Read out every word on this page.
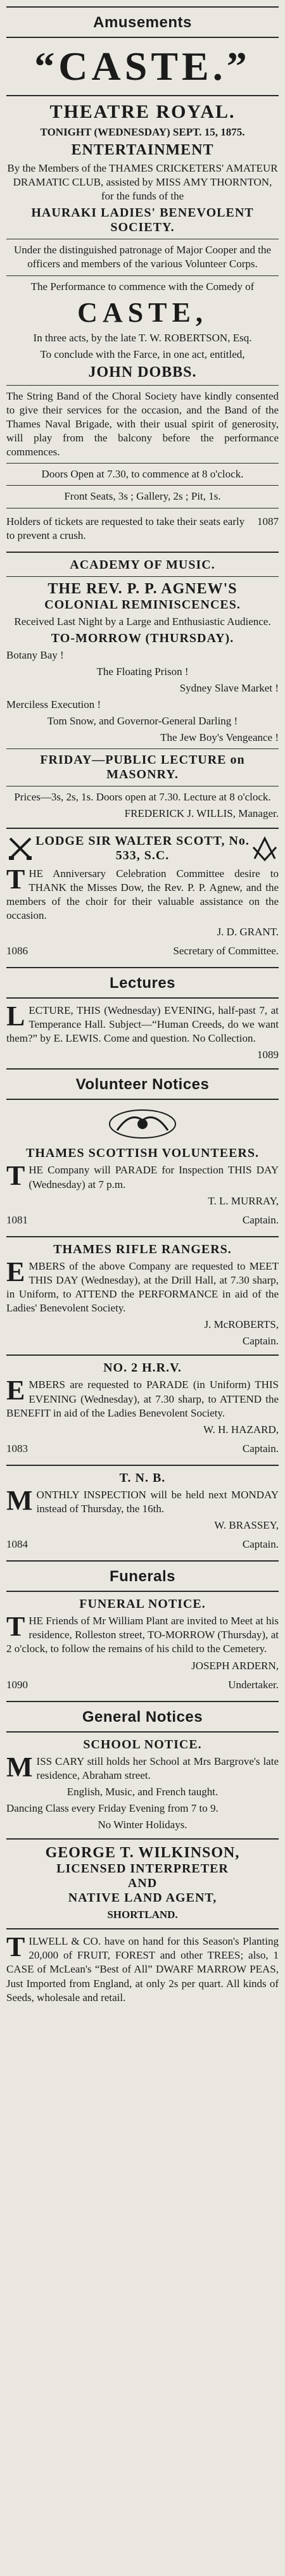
Amusements
“CASTE.”
THEATRE ROYAL.
TONIGHT (WEDNESDAY) SEPT. 15, 1875.
ENTERTAINMENT
By the Members of the THAMES CRICKETERS' AMATEUR DRAMATIC CLUB, assisted by MISS AMY THORNTON, for the funds of the
HAURAKI LADIES' BENEVOLENT SOCIETY.
Under the distinguished patronage of Major Cooper and the officers and members of the various Volunteer Corps.
The Performance to commence with the Comedy of
CASTE,
In three acts, by the late T. W. ROBERTSON, Esq.
To conclude with the Farce, in one act, entitled,
JOHN DOBBS.
The String Band of the Choral Society have kindly consented to give their services for the occasion, and the Band of the Thames Naval Brigade, with their usual spirit of generosity, will play from the balcony before the performance commences.
Doors Open at 7.30, to commence at 8 o'clock.
Front Seats, 3s ; Gallery, 2s ; Pit, 1s.
Holders of tickets are requested to take their seats early to prevent a crush.
1087
ACADEMY OF MUSIC.
THE REV. P. P. AGNEW'S
COLONIAL REMINISCENCES.
Received Last Night by a Large and Enthusiastic Audience.
TO-MORROW (THURSDAY).
Botany Bay !
The Floating Prison !
Sydney Slave Market !
Merciless Execution !
Tom Snow, and Governor-General Darling !
The Jew Boy's Vengeance !
FRIDAY—PUBLIC LECTURE on MASONRY.
Prices—3s, 2s, 1s. Doors open at 7.30. Lecture at 8 o'clock.
FREDERICK J. WILLIS, Manager.
LODGE SIR WALTER SCOTT, No. 533, S.C.
THE Anniversary Celebration Committee desire to THANK the Misses Dow, the Rev. P. P. Agnew, and the members of the choir for their valuable assistance on the occasion.
J. D. GRANT.
1086	Secretary of Committee.
Lectures
LECTURE, THIS (Wednesday) EVENING, half-past 7, at Temperance Hall. Subject—“Human Creeds, do we want them?” by E. LEWIS. Come and question. No Collection.
1089
Volunteer Notices
THAMES SCOTTISH VOLUNTEERS.
THE Company will PARADE for Inspection THIS DAY (Wednesday) at 7 p.m.
T. L. MURRAY,
1081	Captain.
THAMES RIFLE RANGERS.
EMBERS of the above Company are requested to MEET THIS DAY (Wednesday), at the Drill Hall, at 7.30 sharp, in Uniform, to ATTEND the PERFORMANCE in aid of the Ladies' Benevolent Society.
J. McROBERTS,
Captain.
NO. 2 H.R.V.
EMBERS are requested to PARADE (in Uniform) THIS EVENING (Wednesday), at 7.30 sharp, to ATTEND the BENEFIT in aid of the Ladies Benevolent Society.
W. H. HAZARD,
1083	Captain.
T. N. B.
MONTHLY INSPECTION will be held next MONDAY instead of Thursday, the 16th.
W. BRASSEY,
1084	Captain.
Funerals
FUNERAL NOTICE.
THE Friends of Mr William Plant are invited to Meet at his residence, Rolleston street, TO-MORROW (Thursday), at 2 o'clock, to follow the remains of his child to the Cemetery.
JOSEPH ARDERN,
1090	Undertaker.
General Notices
SCHOOL NOTICE.
MISS CARY still holds her School at Mrs Bargrove's late residence, Abraham street.
English, Music, and French taught.
Dancing Class every Friday Evening from 7 to 9.
No Winter Holidays.
GEORGE T. WILKINSON,
LICENSED INTERPRETER
AND
NATIVE LAND AGENT,
SHORTLAND.
TILWELL & CO. have on hand for this Season's Planting 20,000 of FRUIT, FOREST and other TREES; also, 1 CASE of McLean's “Best of All” DWARF MARROW PEAS, Just Imported from England, at only 2s per quart. All kinds of Seeds, wholesale and retail.
